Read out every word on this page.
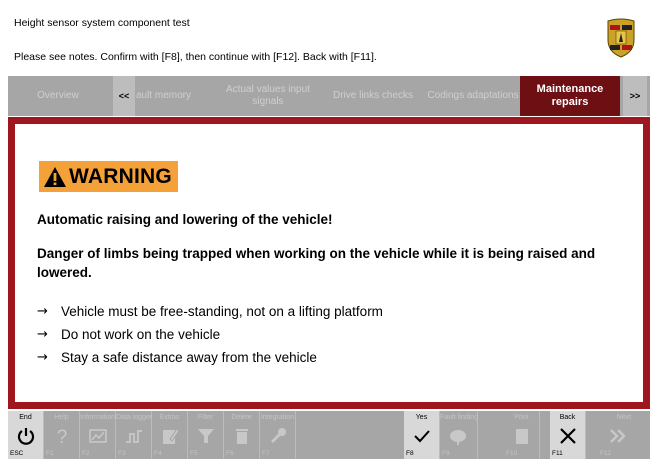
Height sensor system component test
Please see notes. Confirm with [F8], then continue with [F12]. Back with [F11].
Overview	<< ault memory
Actual values input signals
Drive links checks Codings adaptations
Maintenance repairs	>>
WARNING
Automatic raising and lowering of the vehicle!
Danger of limbs being trapped when working on the vehicle while it is being raised and lowered.
→ Vehicle must be free-standing, not on a lifting platform
→ Do not work on the vehicle
→ Stay a safe distance away from the vehicle
End
ESC
Help
?
F1
Information
F2
Data logger
F3
Extras
F4
Filter
F5
Delete
F6
Integration
F7
Yes
F8
Fault finding
F9
Print
F10
Back
F11
Next
F12
